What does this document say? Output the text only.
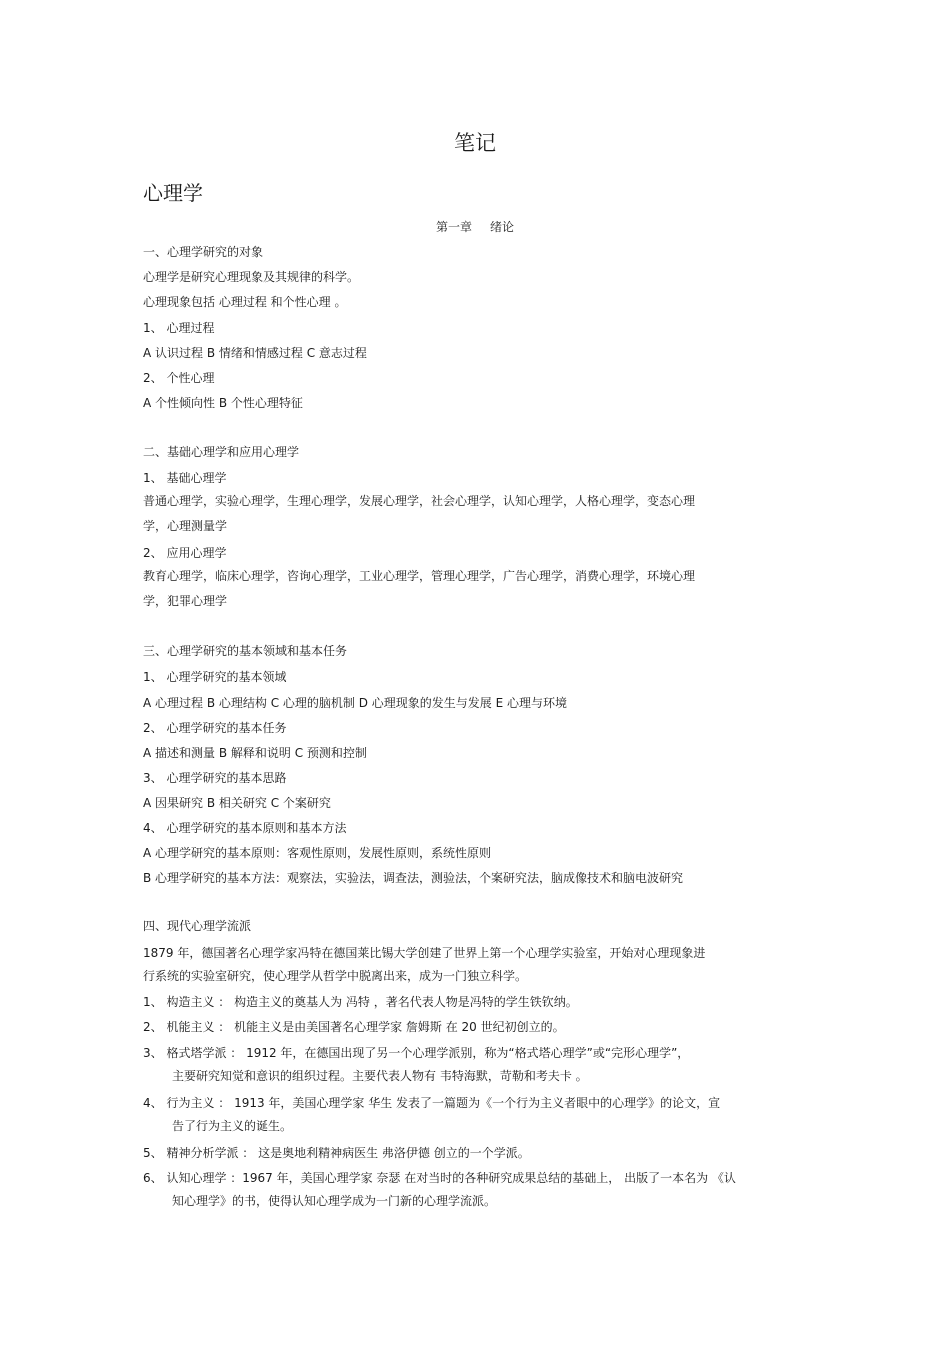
笔记
心理学
第一章 绪论
一、心理学研究的对象
心理学是研究心理现象及其规律的科学。
心理现象包括 心理过程 和个性心理 。
1、 心理过程
A 认识过程 B 情绪和情感过程 C 意志过程
2、 个性心理
A 个性倾向性 B 个性心理特征
二、基础心理学和应用心理学
1、 基础心理学
普通心理学，实验心理学，生理心理学，发展心理学，社会心理学，认知心理学，人格心理学，变态心理
学，心理测量学
2、 应用心理学
教育心理学，临床心理学，咨询心理学，工业心理学，管理心理学，广告心理学，消费心理学，环境心理
学，犯罪心理学
三、心理学研究的基本领域和基本任务
1、 心理学研究的基本领域
A 心理过程 B 心理结构 C 心理的脑机制 D 心理现象的发生与发展 E 心理与环境
2、 心理学研究的基本任务
A 描述和测量 B 解释和说明 C 预测和控制
3、 心理学研究的基本思路
A 因果研究 B 相关研究 C 个案研究
4、 心理学研究的基本原则和基本方法
A 心理学研究的基本原则：客观性原则，发展性原则，系统性原则
B 心理学研究的基本方法：观察法，实验法，调查法，测验法，个案研究法，脑成像技术和脑电波研究
四、现代心理学流派
1879 年，德国著名心理学家冯特在德国莱比锡大学创建了世界上第一个心理学实验室，开始对心理现象进
行系统的实验室研究，使心理学从哲学中脱离出来，成为一门独立科学。
1、 构造主义 ： 构造主义的奠基人为 冯特 ，著名代表人物是冯特的学生铁钦纳。
2、 机能主义 ： 机能主义是由美国著名心理学家 詹姆斯 在 20 世纪初创立的。
3、 格式塔学派 ： 1912 年，在德国出现了另一个心理学派别，称为“格式塔心理学”或“完形心理学”，
主要研究知觉和意识的组织过程。主要代表人物有 韦特海默，苛勒和考夫卡 。
4、 行为主义 ： 1913 年，美国心理学家 华生 发表了一篇题为《一个行为主义者眼中的心理学》的论文，宣
告了行为主义的诞生。
5、 精神分析学派 ： 这是奥地利精神病医生 弗洛伊德 创立的一个学派。
6、 认知心理学 ：1967 年，美国心理学家 奈瑟 在对当时的各种研究成果总结的基础上， 出版了一本名为 《认
知心理学》的书，使得认知心理学成为一门新的心理学流派。
